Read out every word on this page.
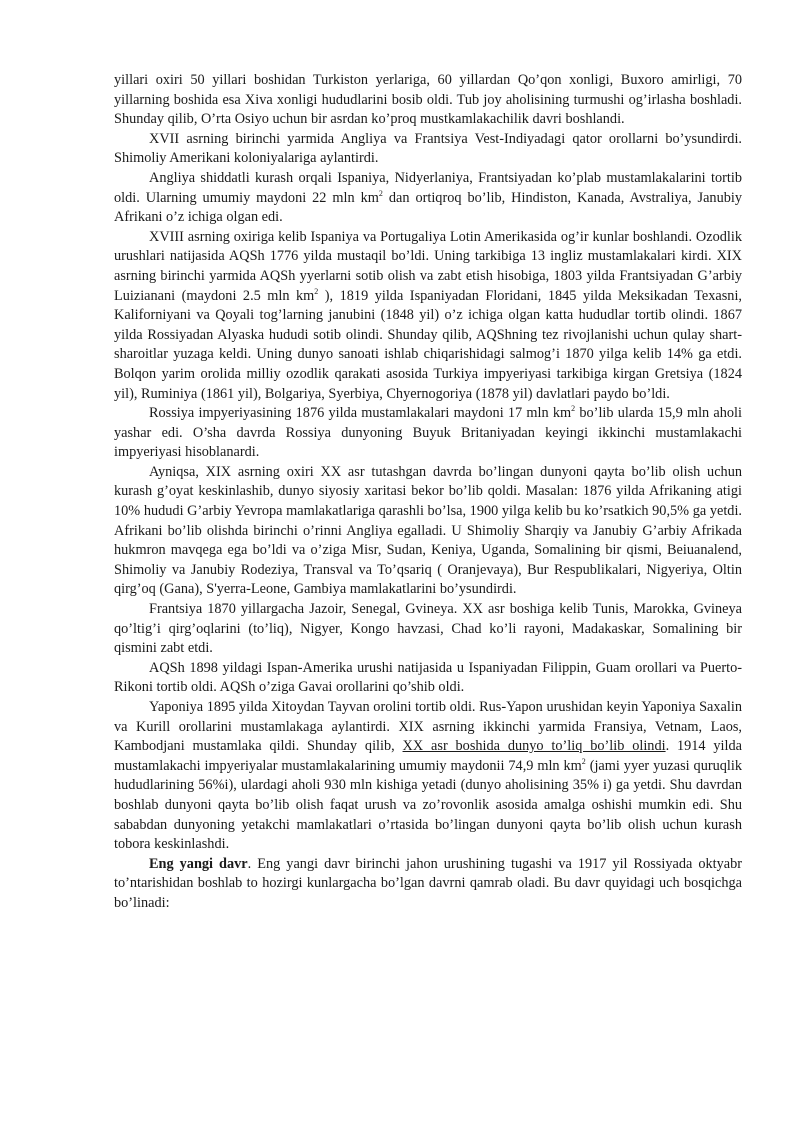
yillari oxiri 50 yillari boshidan Turkiston yerlariga, 60 yillardan Qo’qon xonligi, Buxoro amirligi, 70 yillarning boshida esa Xiva xonligi hududlarini bosib oldi. Tub joy aholisining turmushi og’irlasha boshladi. Shunday qilib, O’rta Osiyo uchun bir asrdan ko’proq mustkamlakachilik davri boshlandi.

XVII asrning birinchi yarmida Angliya va Frantsiya Vest-Indiyadagi qator orollarni bo’ysundirdi. Shimoliy Amerikani koloniyalariga aylantirdi.

Angliya shiddatli kurash orqali Ispaniya, Nidyerlaniya, Frantsiyadan ko’plab mustamlakalarini tortib oldi. Ularning umumiy maydoni 22 mln $km^2$ dan ortiqroq bo’lib, Hindiston, Kanada, Avstraliya, Janubiy Afrikani o’z ichiga olgan edi.

XVIII asrning oxiriga kelib Ispaniya va Portugaliya Lotin Amerikasida og’ir kunlar boshlandi. Ozodlik urushlari natijasida AQSh 1776 yilda mustaqil bo’ldi. Uning tarkibiga 13 ingliz mustamlakalari kirdi. XIX asrning birinchi yarmida AQSh yyerlarni sotib olish va zabt etish hisobiga, 1803 yilda Frantsiyadan G’arbiy Luizianani (maydoni 2.5 mln $km^2$ ), 1819 yilda Ispaniyadan Floridani, 1845 yilda Meksikadan Texasni, Kaliforniyani va Qoyali tog’larning janubini (1848 yil) o’z ichiga olgan katta hududlar tortib olindi. 1867 yilda Rossiyadan Alyaska hududi sotib olindi. Shunday qilib, AQShning tez rivojlanishi uchun qulay shart-sharoitlar yuzaga keldi. Uning dunyo sanoati ishlab chiqarishidagi salmog’i 1870 yilga kelib 14% ga etdi. Bolqon yarim orolida milliy ozodlik qarakati asosida Turkiya impyeriyasi tarkibiga kirgan Gretsiya (1824 yil), Ruminiya (1861 yil), Bolgariya, Syerbiya, Chyernogoriya (1878 yil) davlatlari paydo bo’ldi.

Rossiya impyeriyasining 1876 yilda mustamlakalari maydoni 17 mln $km^2$ bo’lib ularda 15,9 mln aholi yashar edi. O’sha davrda Rossiya dunyoning Buyuk Britaniyadan keyingi ikkinchi mustamlakachi impyeriyasi hisoblanardi.

Ayniqsa, XIX asrning oxiri XX asr tutashgan davrda bo’lingan dunyoni qayta bo’lib olish uchun kurash g’oyat keskinlashib, dunyo siyosiy xaritasi bekor bo’lib qoldi. Masalan: 1876 yilda Afrikaning atigi 10% hududi G’arbiy Yevropa mamlakatlariga qarashli bo’lsa, 1900 yilga kelib bu ko’rsatkich 90,5% ga yetdi. Afrikani bo’lib olishda birinchi o’rinni Angliya egalladi. U Shimoliy Sharqiy va Janubiy G’arbiy Afrikada hukmron mavqega ega bo’ldi va o’ziga Misr, Sudan, Keniya, Uganda, Somalining bir qismi, Beiuanalend, Shimoliy va Janubiy Rodeziya, Transval va To’qsariq ( Oranjevaya), Bur Respublikalari, Nigyeriya, Oltin qirg’oq (Gana), S'yerra-Leone, Gambiya mamlakatlarini bo’ysundirdi.

Frantsiya 1870 yillargacha Jazoir, Senegal, Gvineya. XX asr boshiga kelib Tunis, Marokka, Gvineya qo’ltig’i qirg’oqlarini (to’liq), Nigyer, Kongo havzasi, Chad ko’li rayoni, Madakaskar, Somalining bir qismini zabt etdi.

AQSh 1898 yildagi Ispan-Amerika urushi natijasida u Ispaniyadan Filippin, Guam orollari va Puerto-Rikoni tortib oldi. AQSh o’ziga Gavai orollarini qo’shib oldi.

Yaponiya 1895 yilda Xitoydan Tayvan orolini tortib oldi. Rus-Yapon urushidan keyin Yaponiya Saxalin va Kurill orollarini mustamlakaga aylantirdi. XIX asrning ikkinchi yarmida Fransiya, Vetnam, Laos, Kambodjani mustamlaka qildi. Shunday qilib, XX asr boshida dunyo to’liq bo’lib olindi. 1914 yilda mustamlakachi impyeriyalar mustamlakalarining umumiy maydonii 74,9 mln $km^2$ (jami yyer yuzasi quruqlik hududlarining 56%i), ulardagi aholi 930 mln kishiga yetadi (dunyo aholisining 35% i) ga yetdi. Shu davrdan boshlab dunyoni qayta bo’lib olish faqat urush va zo’rovonlik asosida amalga oshishi mumkin edi. Shu sababdan dunyoning yetakchi mamlakatlari o’rtasida bo’lingan dunyoni qayta bo’lib olish uchun kurash tobora keskinlashdi.

Eng yangi davr. Eng yangi davr birinchi jahon urushining tugashi va 1917 yil Rossiyada oktyabr to’ntarishidan boshlab to hozirgi kunlargacha bo’lgan davrni qamrab oladi. Bu davr quyidagi uch bosqichga bo’linadi:
